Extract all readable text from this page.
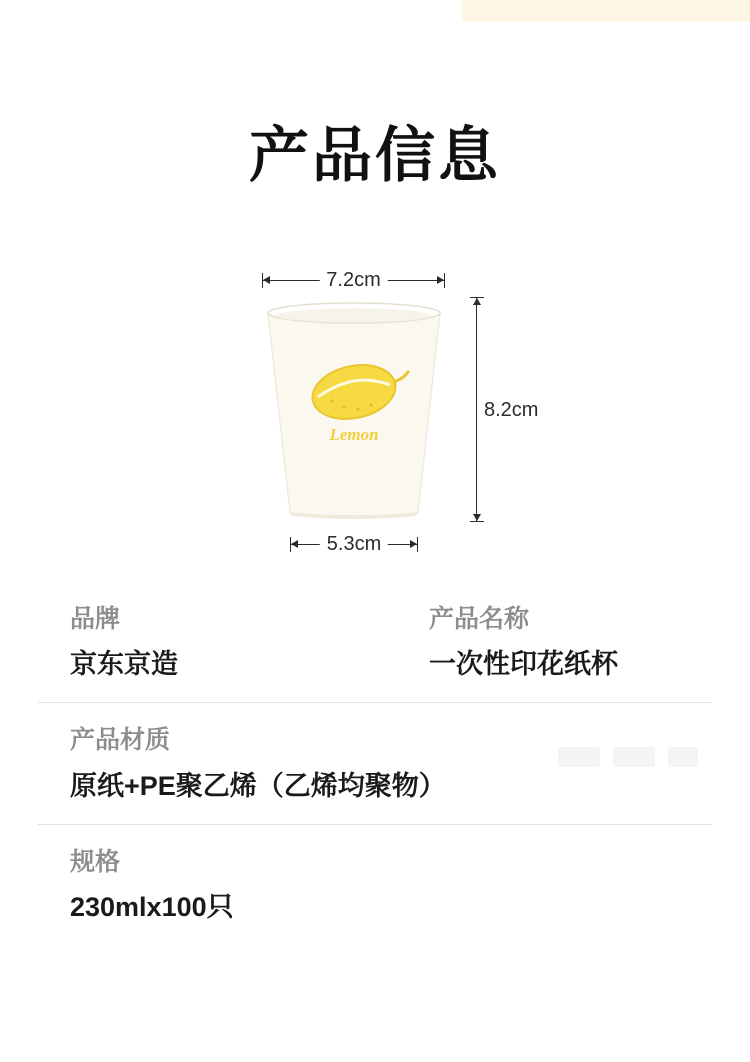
产品信息
7.2cm
Lemon
8.2cm
5.3cm
品牌
京东京造
产品名称
一次性印花纸杯
产品材质
原纸+PE聚乙烯（乙烯均聚物）
规格
230mlx100只
